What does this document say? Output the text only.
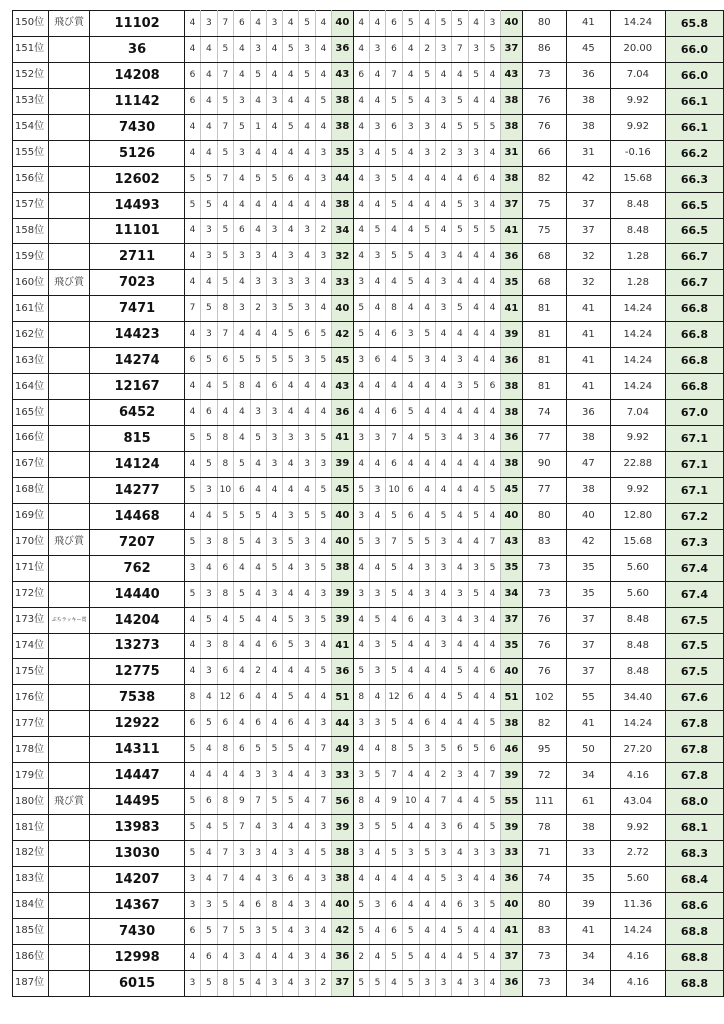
150位	飛び賞	11102	4	3	7	6	4	3	4	5	4	40	4	4	6	5	4	5	5	4	3	40	80	41	14.24	65.8
151位		36	4	4	5	4	3	4	5	3	4	36	4	3	6	4	2	3	7	3	5	37	86	45	20.00	66.0
152位		14208	6	4	7	4	5	4	4	5	4	43	6	4	7	4	5	4	4	5	4	43	73	36	7.04	66.0
153位		11142	6	4	5	3	4	3	4	4	5	38	4	4	5	5	4	3	5	4	4	38	76	38	9.92	66.1
154位		7430	4	4	7	5	1	4	5	4	4	38	4	3	6	3	3	4	5	5	5	38	76	38	9.92	66.1
155位		5126	4	4	5	3	4	4	4	4	3	35	3	4	5	4	3	2	3	3	4	31	66	31	-0.16	66.2
156位		12602	5	5	7	4	5	5	6	4	3	44	4	3	5	4	4	4	4	6	4	38	82	42	15.68	66.3
157位		14493	5	5	4	4	4	4	4	4	4	38	4	4	5	4	4	4	5	3	4	37	75	37	8.48	66.5
158位		11101	4	3	5	6	4	3	4	3	2	34	4	5	4	4	5	4	5	5	5	41	75	37	8.48	66.5
159位		2711	4	3	5	3	3	4	3	4	3	32	4	3	5	5	4	3	4	4	4	36	68	32	1.28	66.7
160位	飛び賞	7023	4	4	5	4	3	3	3	3	4	33	3	4	4	5	4	3	4	4	4	35	68	32	1.28	66.7
161位		7471	7	5	8	3	2	3	5	3	4	40	5	4	8	4	4	3	5	4	4	41	81	41	14.24	66.8
162位		14423	4	3	7	4	4	4	5	6	5	42	5	4	6	3	5	4	4	4	4	39	81	41	14.24	66.8
163位		14274	6	5	6	5	5	5	5	3	5	45	3	6	4	5	3	4	3	4	4	36	81	41	14.24	66.8
164位		12167	4	4	5	8	4	6	4	4	4	43	4	4	4	4	4	4	3	5	6	38	81	41	14.24	66.8
165位		6452	4	6	4	4	3	3	4	4	4	36	4	4	6	5	4	4	4	4	4	38	74	36	7.04	67.0
166位		815	5	5	8	4	5	3	3	3	5	41	3	3	7	4	5	3	4	3	4	36	77	38	9.92	67.1
167位		14124	4	5	8	5	4	3	4	3	3	39	4	4	6	4	4	4	4	4	4	38	90	47	22.88	67.1
168位		14277	5	3	10	6	4	4	4	4	5	45	5	3	10	6	4	4	4	4	5	45	77	38	9.92	67.1
169位		14468	4	4	5	5	5	4	3	5	5	40	3	4	5	6	4	5	4	5	4	40	80	40	12.80	67.2
170位	飛び賞	7207	5	3	8	5	4	3	5	3	4	40	5	3	7	5	5	3	4	4	7	43	83	42	15.68	67.3
171位		762	3	4	6	4	4	5	4	3	5	38	4	4	5	4	3	3	4	3	5	35	73	35	5.60	67.4
172位		14440	5	3	8	5	4	3	4	4	3	39	3	3	5	4	3	4	3	5	4	34	73	35	5.60	67.4
173位	ぷちラッキー賞	14204	4	5	4	5	4	4	5	3	5	39	4	5	4	6	4	3	4	3	4	37	76	37	8.48	67.5
174位		13273	4	3	8	4	4	6	5	3	4	41	4	3	5	4	4	3	4	4	4	35	76	37	8.48	67.5
175位		12775	4	3	6	4	2	4	4	4	5	36	5	3	5	4	4	4	5	4	6	40	76	37	8.48	67.5
176位		7538	8	4	12	6	4	4	5	4	4	51	8	4	12	6	4	4	5	4	4	51	102	55	34.40	67.6
177位		12922	6	5	6	4	6	4	6	4	3	44	3	3	5	4	6	4	4	4	5	38	82	41	14.24	67.8
178位		14311	5	4	8	6	5	5	5	4	7	49	4	4	8	5	3	5	6	5	6	46	95	50	27.20	67.8
179位		14447	4	4	4	4	3	3	4	4	3	33	3	5	7	4	4	2	3	4	7	39	72	34	4.16	67.8
180位	飛び賞	14495	5	6	8	9	7	5	5	4	7	56	8	4	9	10	4	7	4	4	5	55	111	61	43.04	68.0
181位		13983	5	4	5	7	4	3	4	4	3	39	3	5	5	4	4	3	6	4	5	39	78	38	9.92	68.1
182位		13030	5	4	7	3	3	4	3	4	5	38	3	4	5	3	5	3	4	3	3	33	71	33	2.72	68.3
183位		14207	3	4	7	4	4	3	6	4	3	38	4	4	4	4	4	5	3	4	4	36	74	35	5.60	68.4
184位		14367	3	3	5	4	6	8	4	3	4	40	5	3	6	4	4	4	6	3	5	40	80	39	11.36	68.6
185位		7430	6	5	7	5	3	5	4	3	4	42	5	4	6	5	4	4	5	4	4	41	83	41	14.24	68.8
186位		12998	4	6	4	3	4	4	4	3	4	36	2	4	5	5	4	4	4	5	4	37	73	34	4.16	68.8
187位		6015	3	5	8	5	4	3	4	3	2	37	5	5	4	5	3	3	4	3	4	36	73	34	4.16	68.8
